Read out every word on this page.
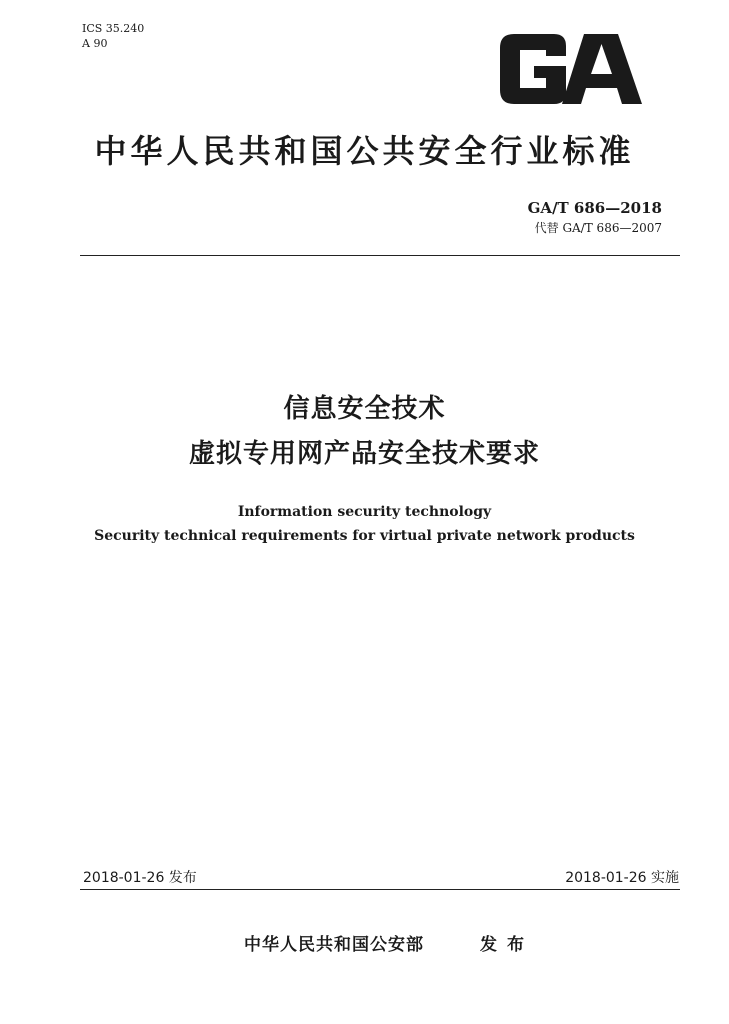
ICS 35.240
A 90
中华人民共和国公共安全行业标准
GA/T 686—2018
代替 GA/T 686—2007
信息安全技术
虚拟专用网产品安全技术要求
Information security technology
Security technical requirements for virtual private network products
2018-01-26 发布	2018-01-26 实施
中华人民共和国公安部	发布
